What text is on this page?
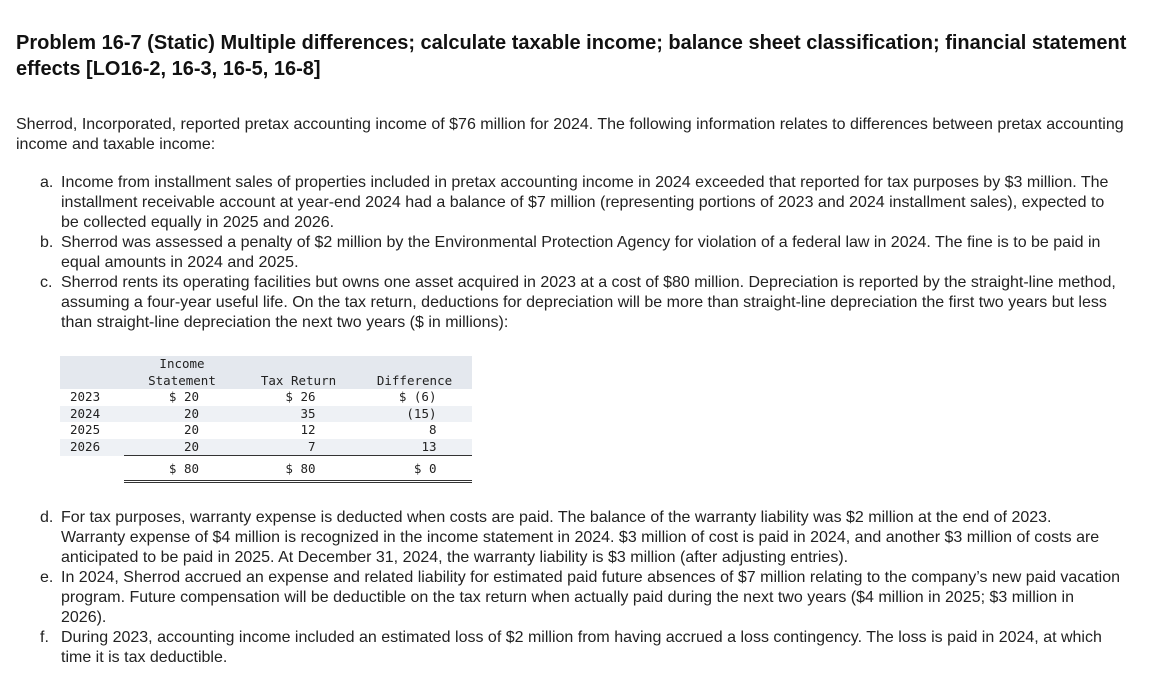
Problem 16-7 (Static) Multiple differences; calculate taxable income; balance sheet classification; financial statement effects [LO16-2, 16-3, 16-5, 16-8]

Sherrod, Incorporated, reported pretax accounting income of $76 million for 2024. The following information relates to differences between pretax accounting income and taxable income:

a. Income from installment sales of properties included in pretax accounting income in 2024 exceeded that reported for tax purposes by $3 million. The installment receivable account at year-end 2024 had a balance of $7 million (representing portions of 2023 and 2024 installment sales), expected to be collected equally in 2025 and 2026.
b. Sherrod was assessed a penalty of $2 million by the Environmental Protection Agency for violation of a federal law in 2024. The fine is to be paid in equal amounts in 2024 and 2025.
c. Sherrod rents its operating facilities but owns one asset acquired in 2023 at a cost of $80 million. Depreciation is reported by the straight-line method, assuming a four-year useful life. On the tax return, deductions for depreciation will be more than straight-line depreciation the first two years but less than straight-line depreciation the next two years ($ in millions):
	Income		
	Statement	Tax Return	Difference
2023	$ 20	$ 26	$ (6)
2024	20	35	(15)
2025	20	12	8
2026	20	7	13
	$ 80	$ 80	$ 0
d. For tax purposes, warranty expense is deducted when costs are paid. The balance of the warranty liability was $2 million at the end of 2023. Warranty expense of $4 million is recognized in the income statement in 2024. $3 million of cost is paid in 2024, and another $3 million of costs are anticipated to be paid in 2025. At December 31, 2024, the warranty liability is $3 million (after adjusting entries).
e. In 2024, Sherrod accrued an expense and related liability for estimated paid future absences of $7 million relating to the company’s new paid vacation program. Future compensation will be deductible on the tax return when actually paid during the next two years ($4 million in 2025; $3 million in 2026).
f. During 2023, accounting income included an estimated loss of $2 million from having accrued a loss contingency. The loss is paid in 2024, at which time it is tax deductible.
